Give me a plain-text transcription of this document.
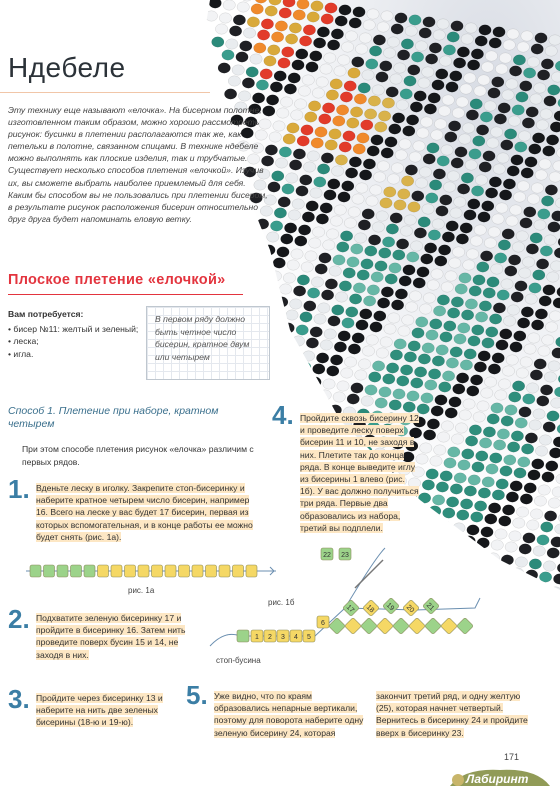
Ндебеле

Эту технику еще называют «елочка». На бисерном полотне, изготовленном таким образом, можно хорошо рассмотреть рисунок: бусинки в плетении располагаются так же, как петельки в полотне, связанном спицами. В технике ндебеле можно выполнять как плоские изделия, так и трубчатые.

Существует несколько способов плетения «елочкой». Изучив их, вы сможете выбрать наиболее приемлемый для себя. Каким бы способом вы не пользовались при плетении бисером, в результате рисунок расположения бисерин относительно друг друга будет напоминать еловую ветку.

Плоское плетение «елочкой»
Вам потребуется:
• бисер №11: желтый и зеленый;
• леска;
• игла.
В первом ряду должно быть четное число бисерин, кратное двум или четырем
Способ 1. Плетение при наборе, кратном четырем
При этом способе плетения рисунок «елочка» различим с первых рядов.
1. Вденьте леску в иголку. Закрепите стоп-бисеринку и наберите кратное четырем число бисерин, например 16. Всего на леске у вас будет 17 бисерин, первая из которых вспомогательная, и в конце работы ее можно будет снять (рис. 1а).
рис. 1а
2. Подхватите зеленую бисеринку 17 и пройдите в бисеринку 16. Затем нить проведите поверх бусин 15 и 14, не заходя в них.
3. Пройдите через бисеринку 13 и наберите на нить две зеленых бисерины (18-ю и 19-ю).
4. Пройдите сквозь бисерину 12 и проведите леску поверх бисерин 11 и 10, не заходя в них. Плетите так до конца ряда. В конце выведите иглу из бисерины 1 влево (рис. 1б). У вас должно получиться три ряда. Первые два образовались из набора, третий вы подплели.
рис. 1б
1 2 3 4 5
6
17 18 19 20 21
22 23
стоп-бусина
5. Уже видно, что по краям образовались непарные вертикали, поэтому для поворота наберите одну зеленую бисерину 24, которая закончит третий ряд, и одну желтую (25), которая начнет четвертый. Вернитесь в бисеринку 24 и пройдите вверх в бисеринку 23.
171
Лабиринт
